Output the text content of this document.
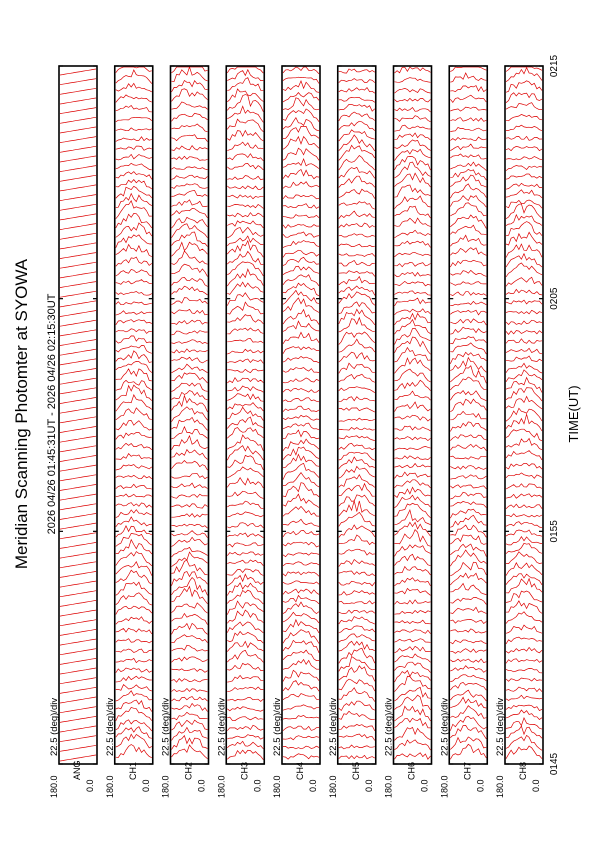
Meridian Scanning Photomter at SYOWA 2026 04/26 01:45:31UT - 2026 04/26 02:15:30UT	TIME(UT)
180.0	0.0
ANG
22.5 (deg)/div
180.0	0.0
CH1
22.5 (deg)/div
180.0	0.0
CH2
22.5 (deg)/div
180.0	0.0
CH3
22.5 (deg)/div
180.0	0.0
CH4
22.5 (deg)/div
180.0	0.0
CH5
22.5 (deg)/div
180.0	0.0
CH6
22.5 (deg)/div
180.0	0.0
CH7
22.5 (deg)/div
180.0	0.0
CH8
22.5 (deg)/div
0145
0155
0205
0215
